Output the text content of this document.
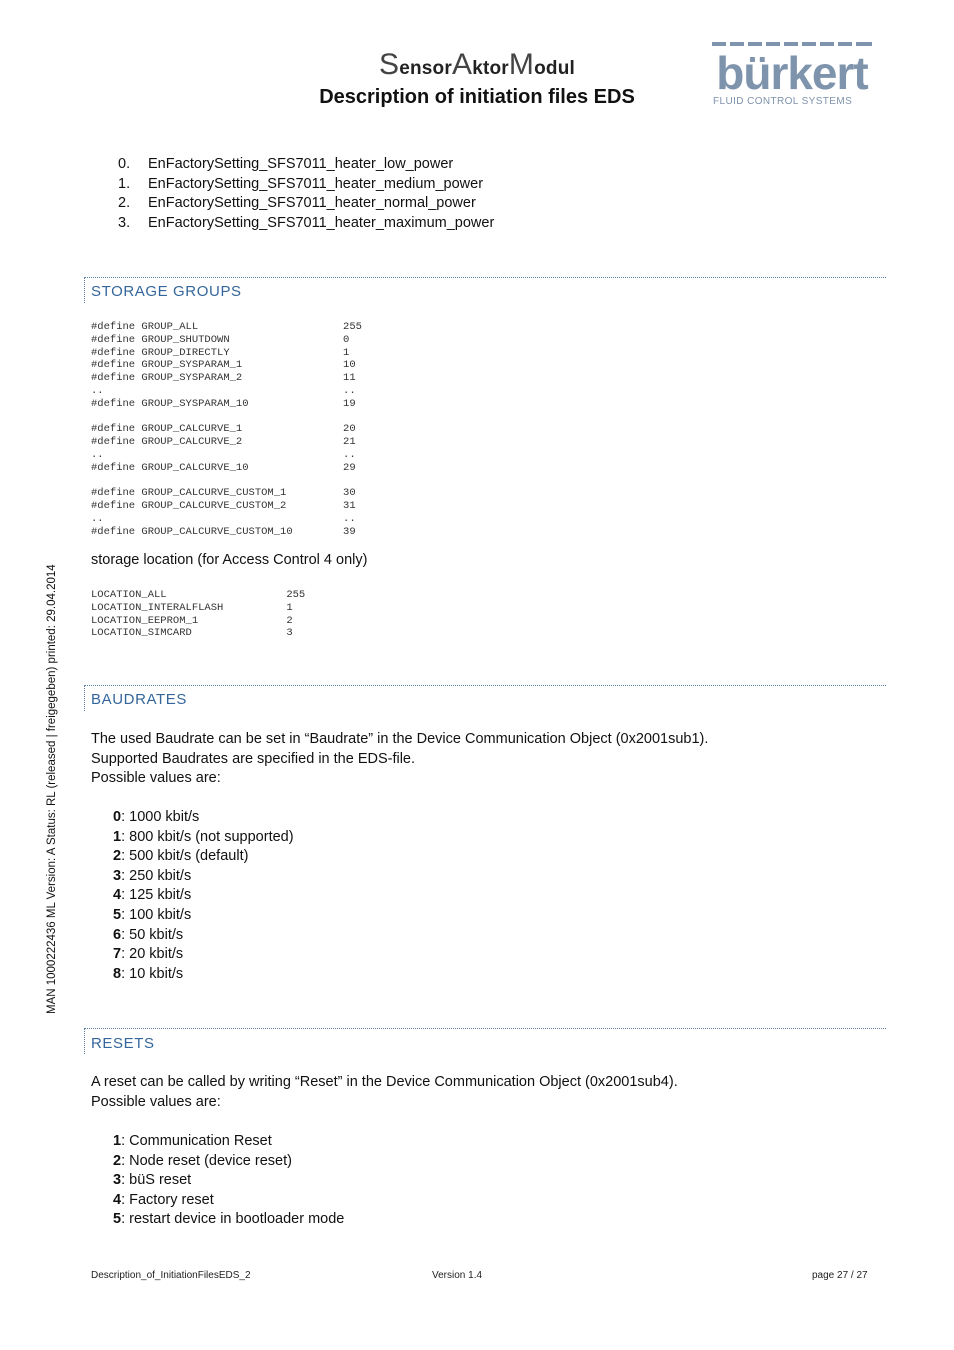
SensorAktorModul
Description of initiation files EDS	bürkert
FLUID CONTROL SYSTEMS
0.	EnFactorySetting_SFS7011_heater_low_power
1.	EnFactorySetting_SFS7011_heater_medium_power
2.	EnFactorySetting_SFS7011_heater_normal_power
3.	EnFactorySetting_SFS7011_heater_maximum_power
STORAGE GROUPS
#define GROUP_ALL	255
#define GROUP_SHUTDOWN	0
#define GROUP_DIRECTLY	1
#define GROUP_SYSPARAM_1	10
#define GROUP_SYSPARAM_2	11
..	..
#define GROUP_SYSPARAM_10	19
#define GROUP_CALCURVE_1	20
#define GROUP_CALCURVE_2	21
..	..
#define GROUP_CALCURVE_10	29
#define GROUP_CALCURVE_CUSTOM_1	30
#define GROUP_CALCURVE_CUSTOM_2	31
..	..
#define GROUP_CALCURVE_CUSTOM_10	39
storage location (for Access Control 4 only)
LOCATION_ALL	255
LOCATION_INTERALFLASH	1
LOCATION_EEPROM_1	2
LOCATION_SIMCARD	3
BAUDRATES
The used Baudrate can be set in “Baudrate” in the Device Communication Object (0x2001sub1).
Supported Baudrates are specified in the EDS-file.
Possible values are:
0: 1000 kbit/s
1: 800 kbit/s (not supported)
2: 500 kbit/s (default)
3: 250 kbit/s
4: 125 kbit/s
5: 100 kbit/s
6: 50 kbit/s
7: 20 kbit/s
8: 10 kbit/s
RESETS
A reset can be called by writing “Reset” in the Device Communication Object (0x2001sub4).
Possible values are:
1: Communication Reset
2: Node reset (device reset)
3: büS reset
4: Factory reset
5: restart device in bootloader mode
Description_of_InitiationFilesEDS_2	Version 1.4	page 27 / 27
MAN 1000222436 ML Version: A Status: RL (released | freigegeben) printed: 29.04.2014
